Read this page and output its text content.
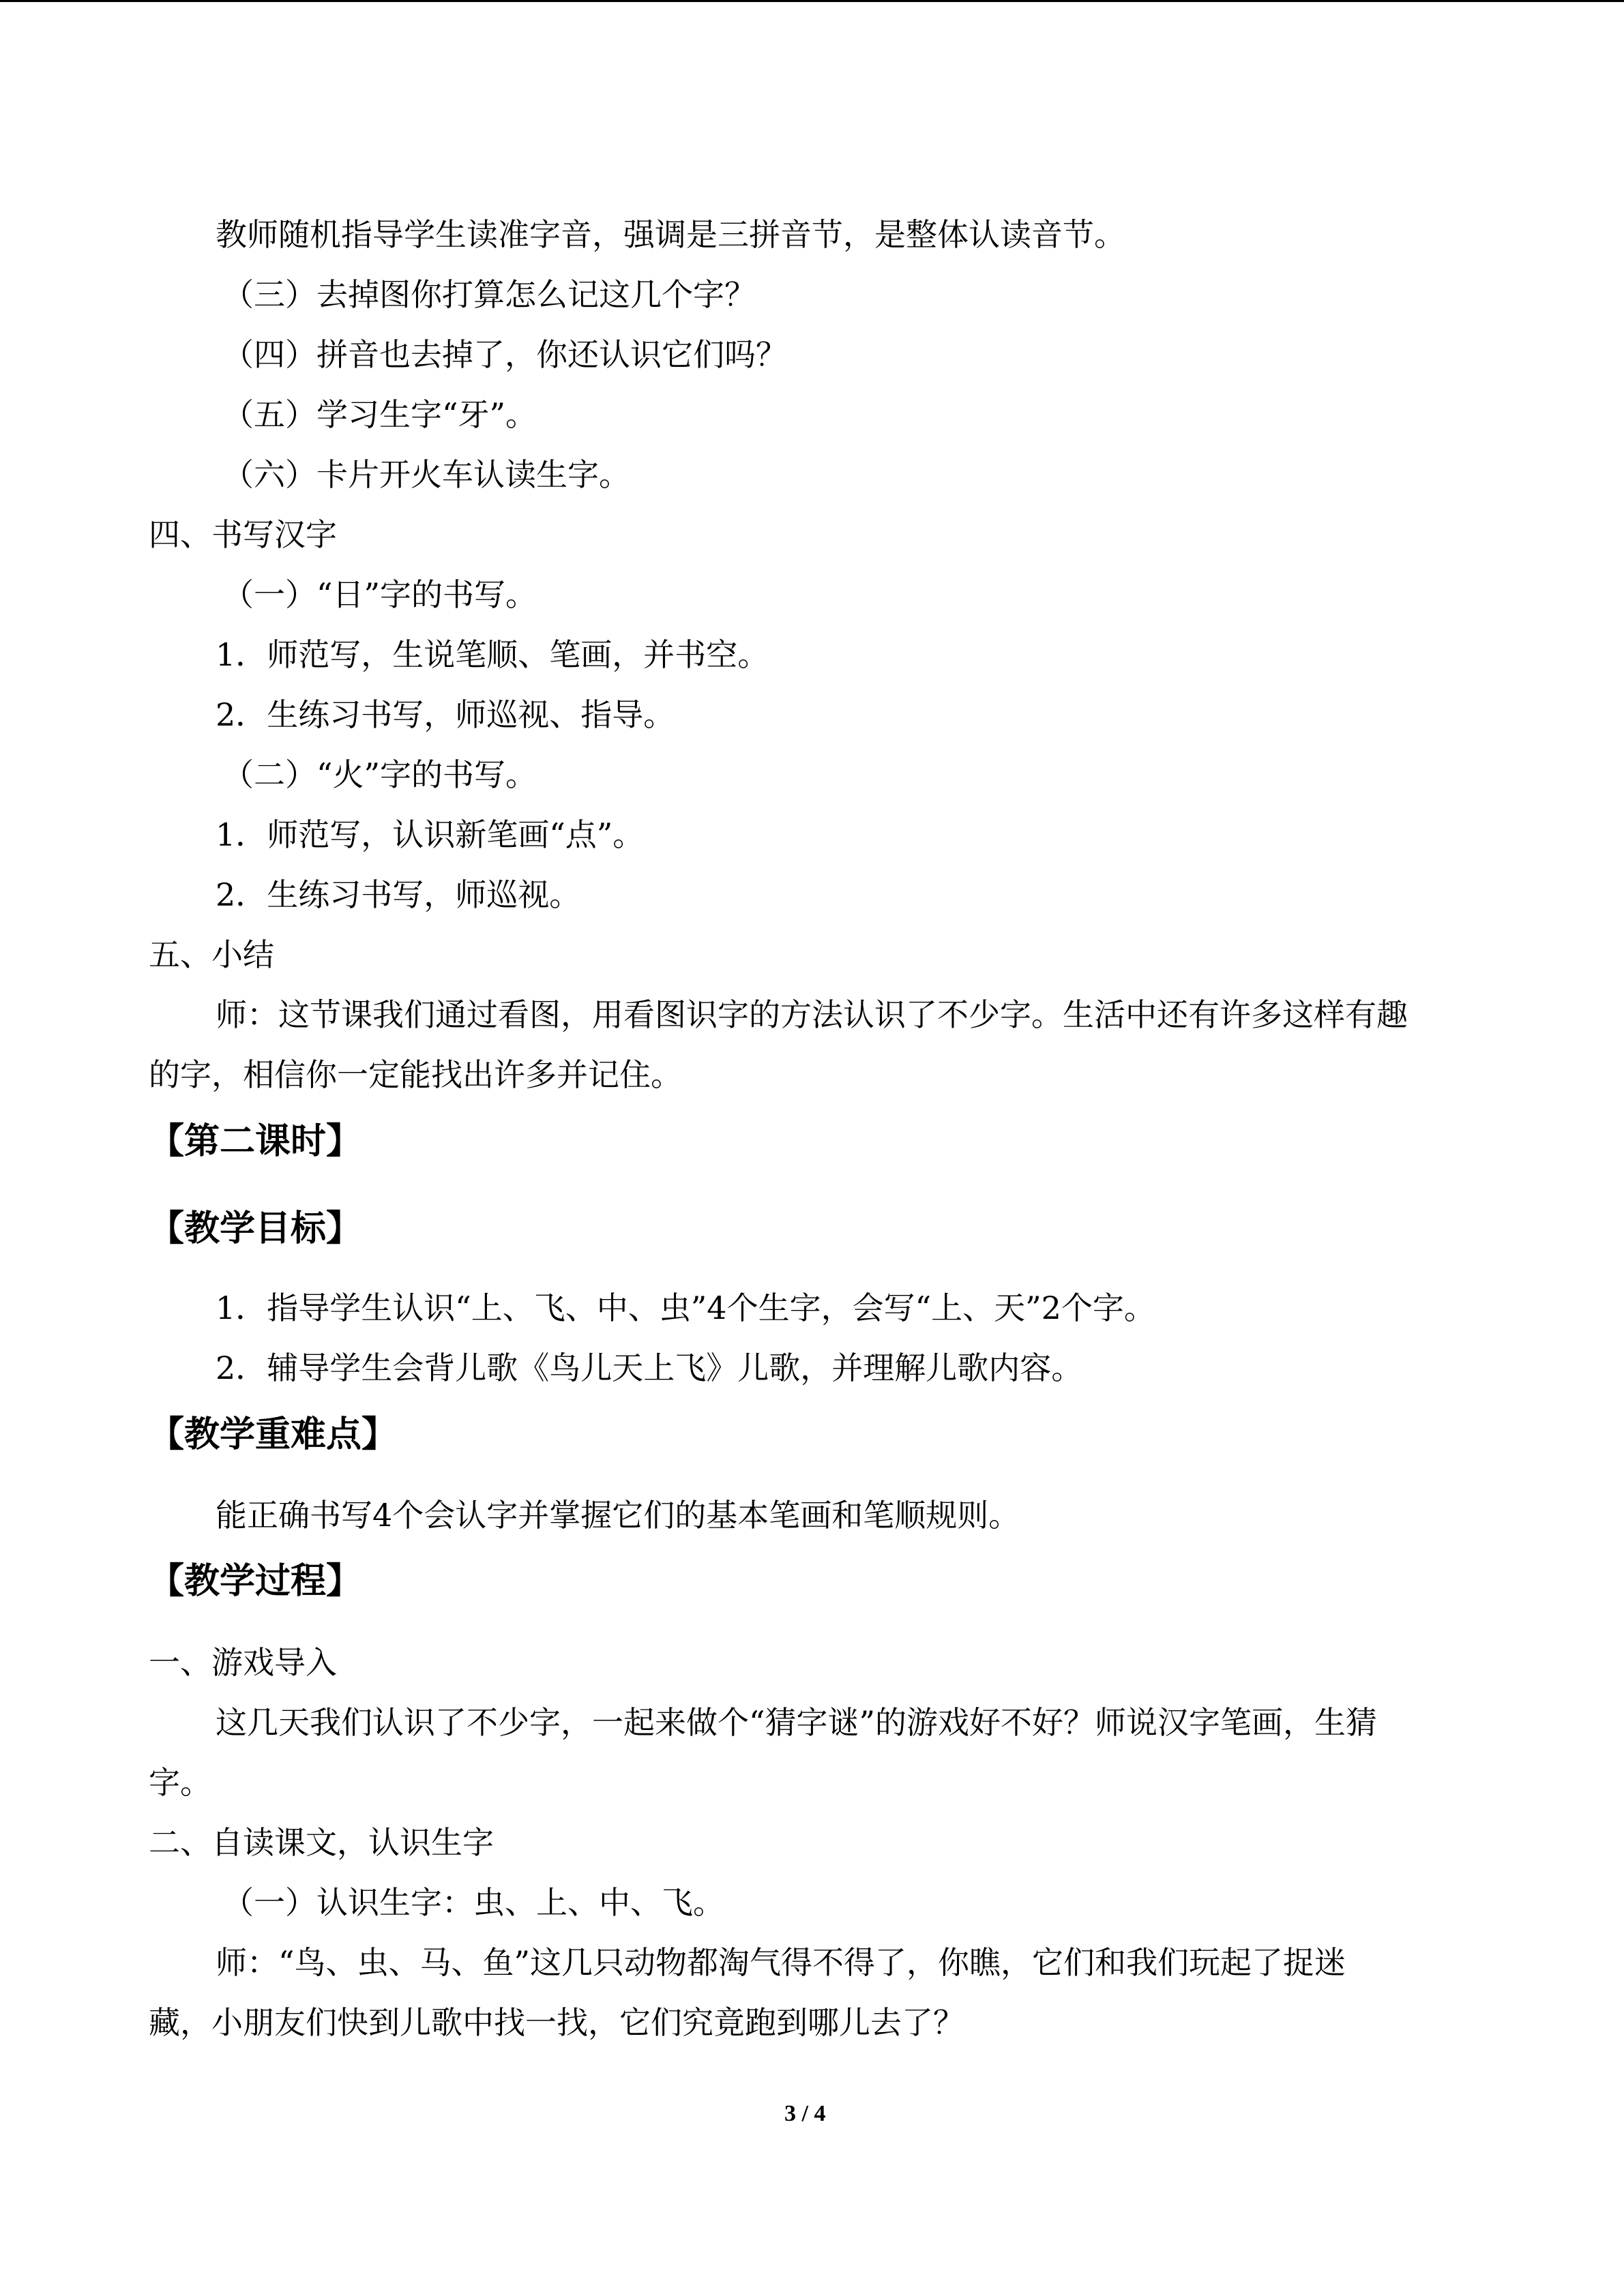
教师随机指导学生读准字音，强调是三拼音节，是整体认读音节。
（三）去掉图你打算怎么记这几个字？
（四）拼音也去掉了，你还认识它们吗？
（五）学习生字“牙”。
（六）卡片开火车认读生字。
四、书写汉字
（一）“日”字的书写。
1．师范写，生说笔顺、笔画，并书空。
2．生练习书写，师巡视、指导。
（二）“火”字的书写。
1．师范写，认识新笔画“点”。
2．生练习书写，师巡视。
五、小结
师：这节课我们通过看图，用看图识字的方法认识了不少字。生活中还有许多这样有趣
的字，相信你一定能找出许多并记住。
【第二课时】
【教学目标】
1．指导学生认识“上、飞、中、虫”4个生字，会写“上、天”2个字。
2．辅导学生会背儿歌《鸟儿天上飞》儿歌，并理解儿歌内容。
【教学重难点】
能正确书写4个会认字并掌握它们的基本笔画和笔顺规则。
【教学过程】
一、游戏导入
这几天我们认识了不少字，一起来做个“猜字谜”的游戏好不好？师说汉字笔画，生猜
字。
二、自读课文，认识生字
（一）认识生字：虫、上、中、飞。
师：“鸟、虫、马、鱼”这几只动物都淘气得不得了，你瞧，它们和我们玩起了捉迷
藏，小朋友们快到儿歌中找一找，它们究竟跑到哪儿去了？
3 / 4
